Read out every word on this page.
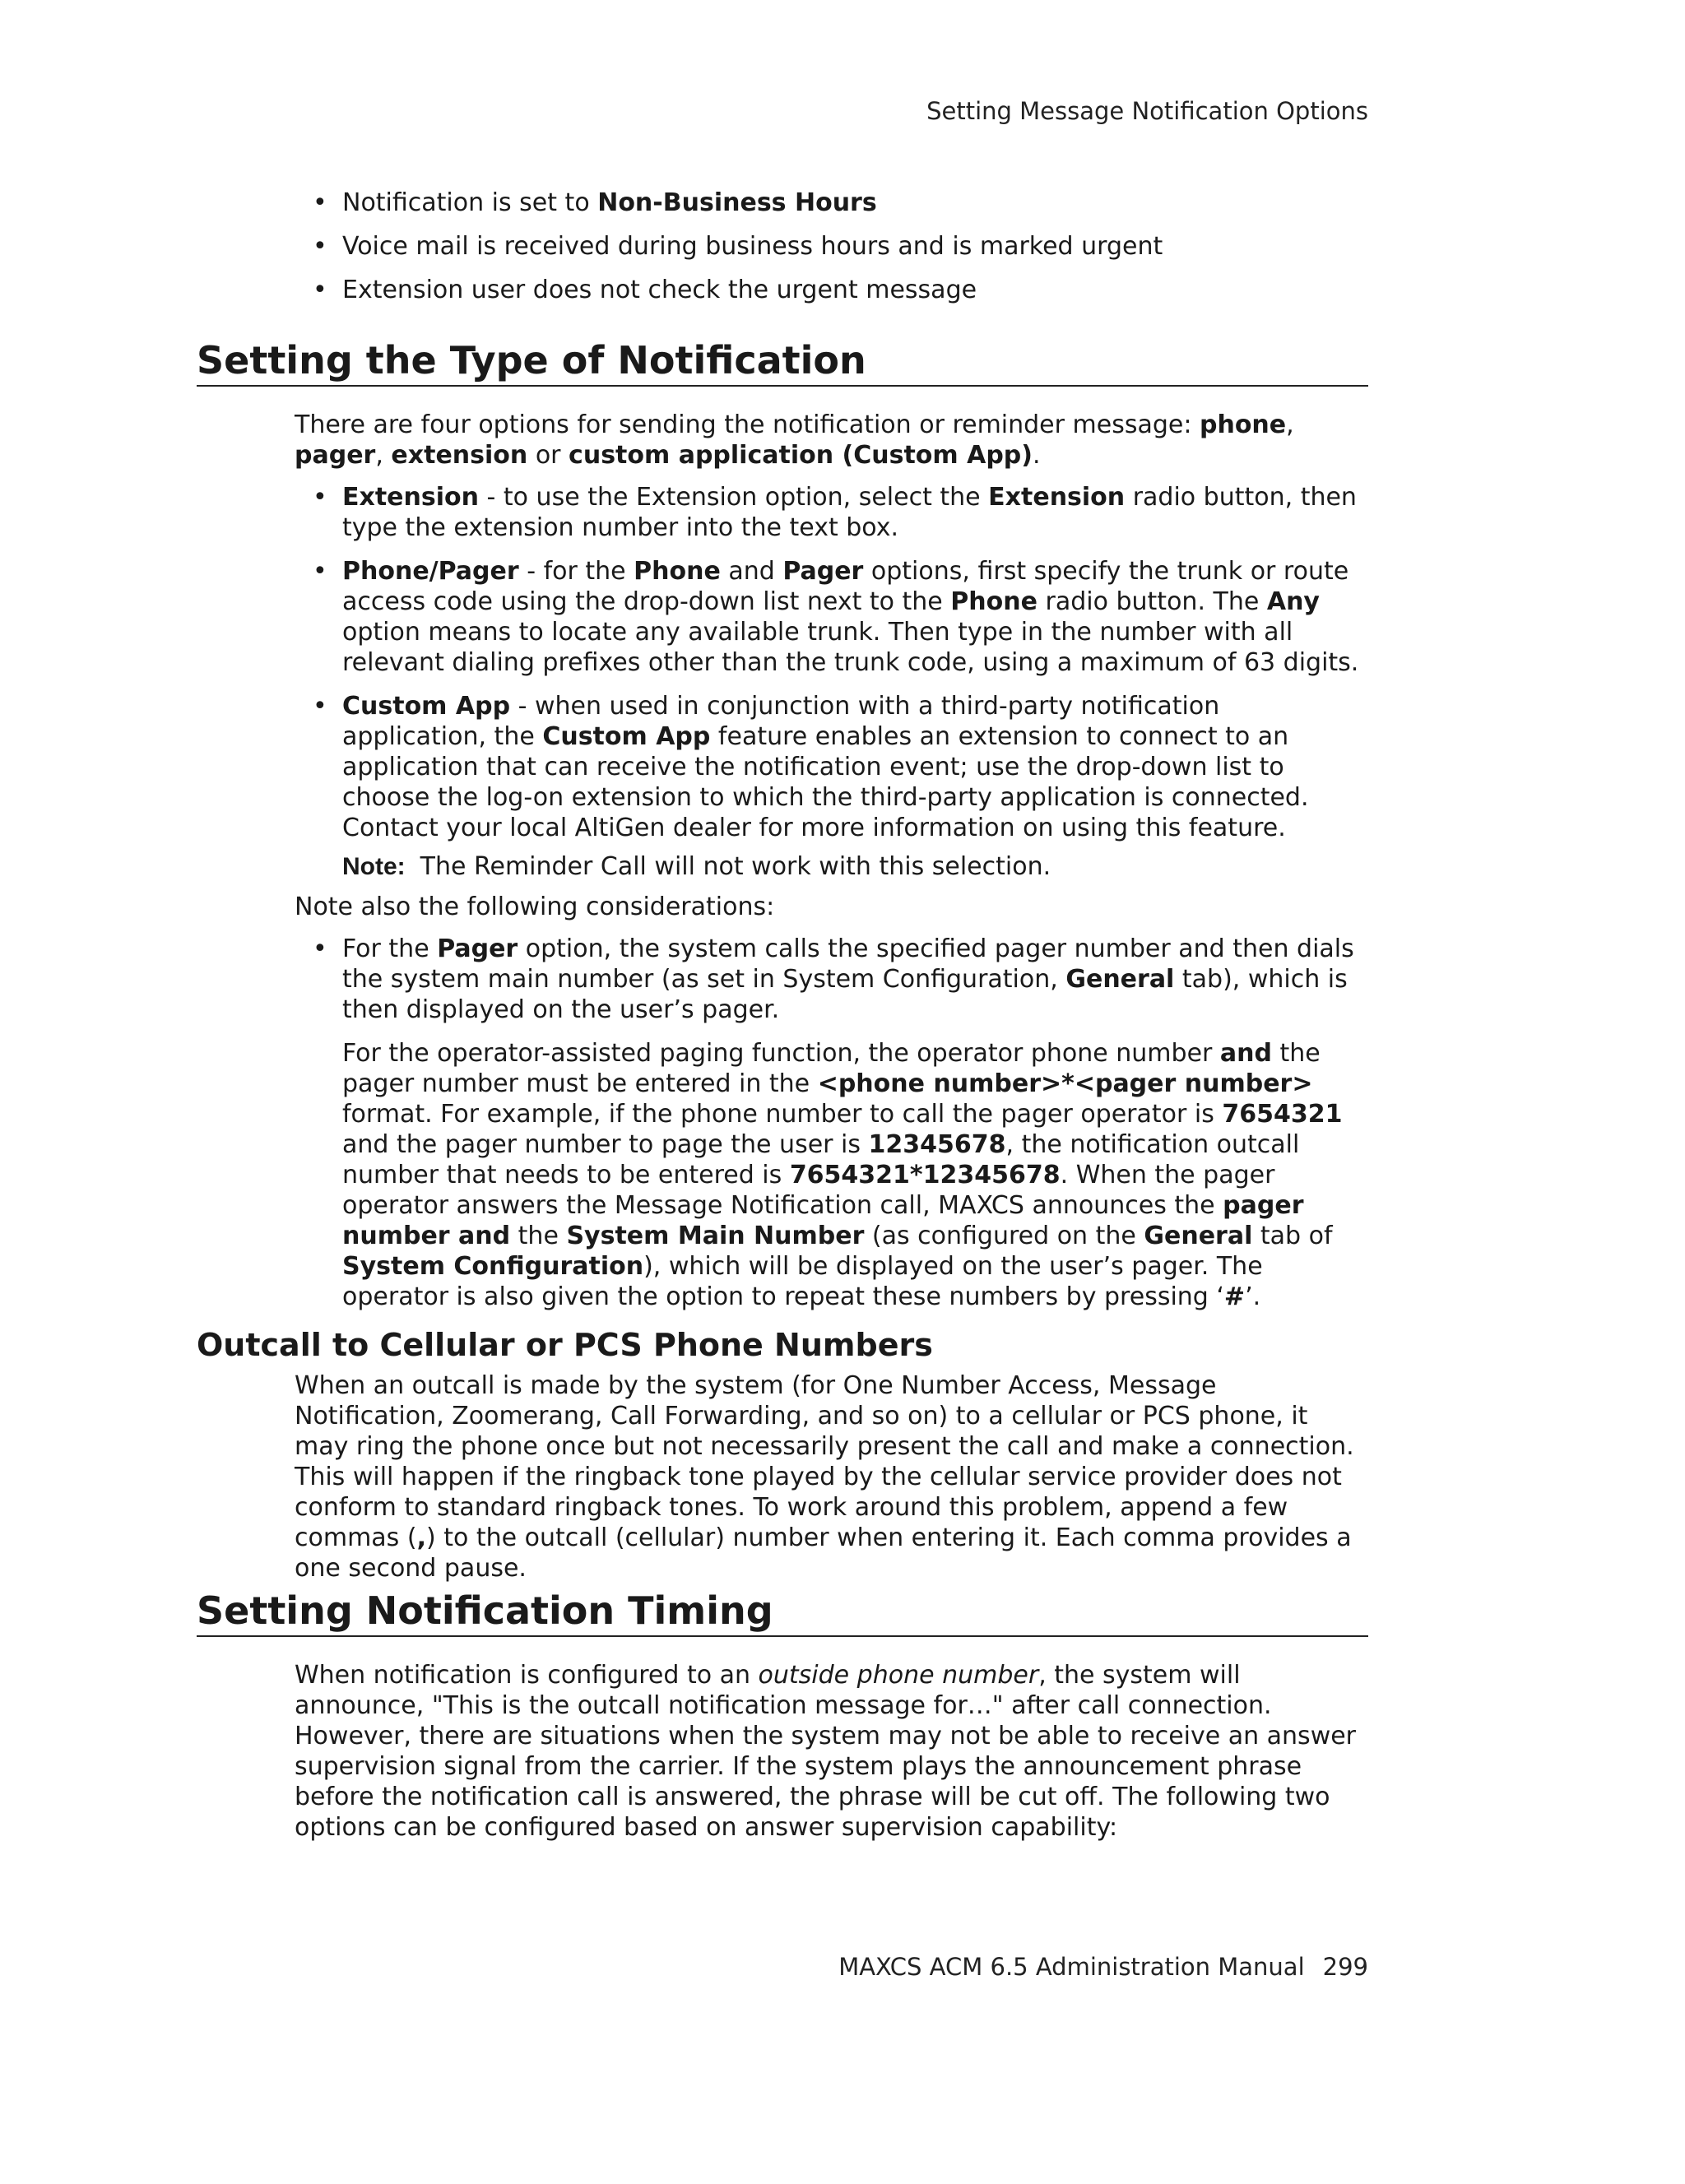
Setting Message Notification Options
• Notification is set to Non-Business Hours
• Voice mail is received during business hours and is marked urgent
• Extension user does not check the urgent message
Setting the Type of Notification

There are four options for sending the notification or reminder message: phone, pager, extension or custom application (Custom App).

• Extension - to use the Extension option, select the Extension radio button, then type the extension number into the text box.
• Phone/Pager - for the Phone and Pager options, first specify the trunk or route access code using the drop-down list next to the Phone radio button. The Any option means to locate any available trunk. Then type in the number with all relevant dialing prefixes other than the trunk code, using a maximum of 63 digits.
• Custom App - when used in conjunction with a third-party notification application, the Custom App feature enables an extension to connect to an application that can receive the notification event; use the drop-down list to choose the log-on extension to which the third-party application is connected. Contact your local AltiGen dealer for more information on using this feature.

Note: The Reminder Call will not work with this selection.

Note also the following considerations:

• For the Pager option, the system calls the specified pager number and then dials the system main number (as set in System Configuration, General tab), which is then displayed on the user’s pager.

For the operator-assisted paging function, the operator phone number and the pager number must be entered in the <phone number>*<pager number> format. For example, if the phone number to call the pager operator is 7654321 and the pager number to page the user is 12345678, the notification outcall number that needs to be entered is 7654321*12345678. When the pager operator answers the Message Notification call, MAXCS announces the pager number and the System Main Number (as configured on the General tab of System Configuration), which will be displayed on the user’s pager. The operator is also given the option to repeat these numbers by pressing ‘#’.

Outcall to Cellular or PCS Phone Numbers

When an outcall is made by the system (for One Number Access, Message Notification, Zoomerang, Call Forwarding, and so on) to a cellular or PCS phone, it may ring the phone once but not necessarily present the call and make a connection. This will happen if the ringback tone played by the cellular service provider does not conform to standard ringback tones. To work around this problem, append a few commas (,) to the outcall (cellular) number when entering it. Each comma provides a one second pause.

Setting Notification Timing

When notification is configured to an outside phone number, the system will announce, "This is the outcall notification message for…" after call connection. However, there are situations when the system may not be able to receive an answer supervision signal from the carrier. If the system plays the announcement phrase before the notification call is answered, the phrase will be cut off. The following two options can be configured based on answer supervision capability:

MAXCS ACM 6.5 Administration Manual 299
